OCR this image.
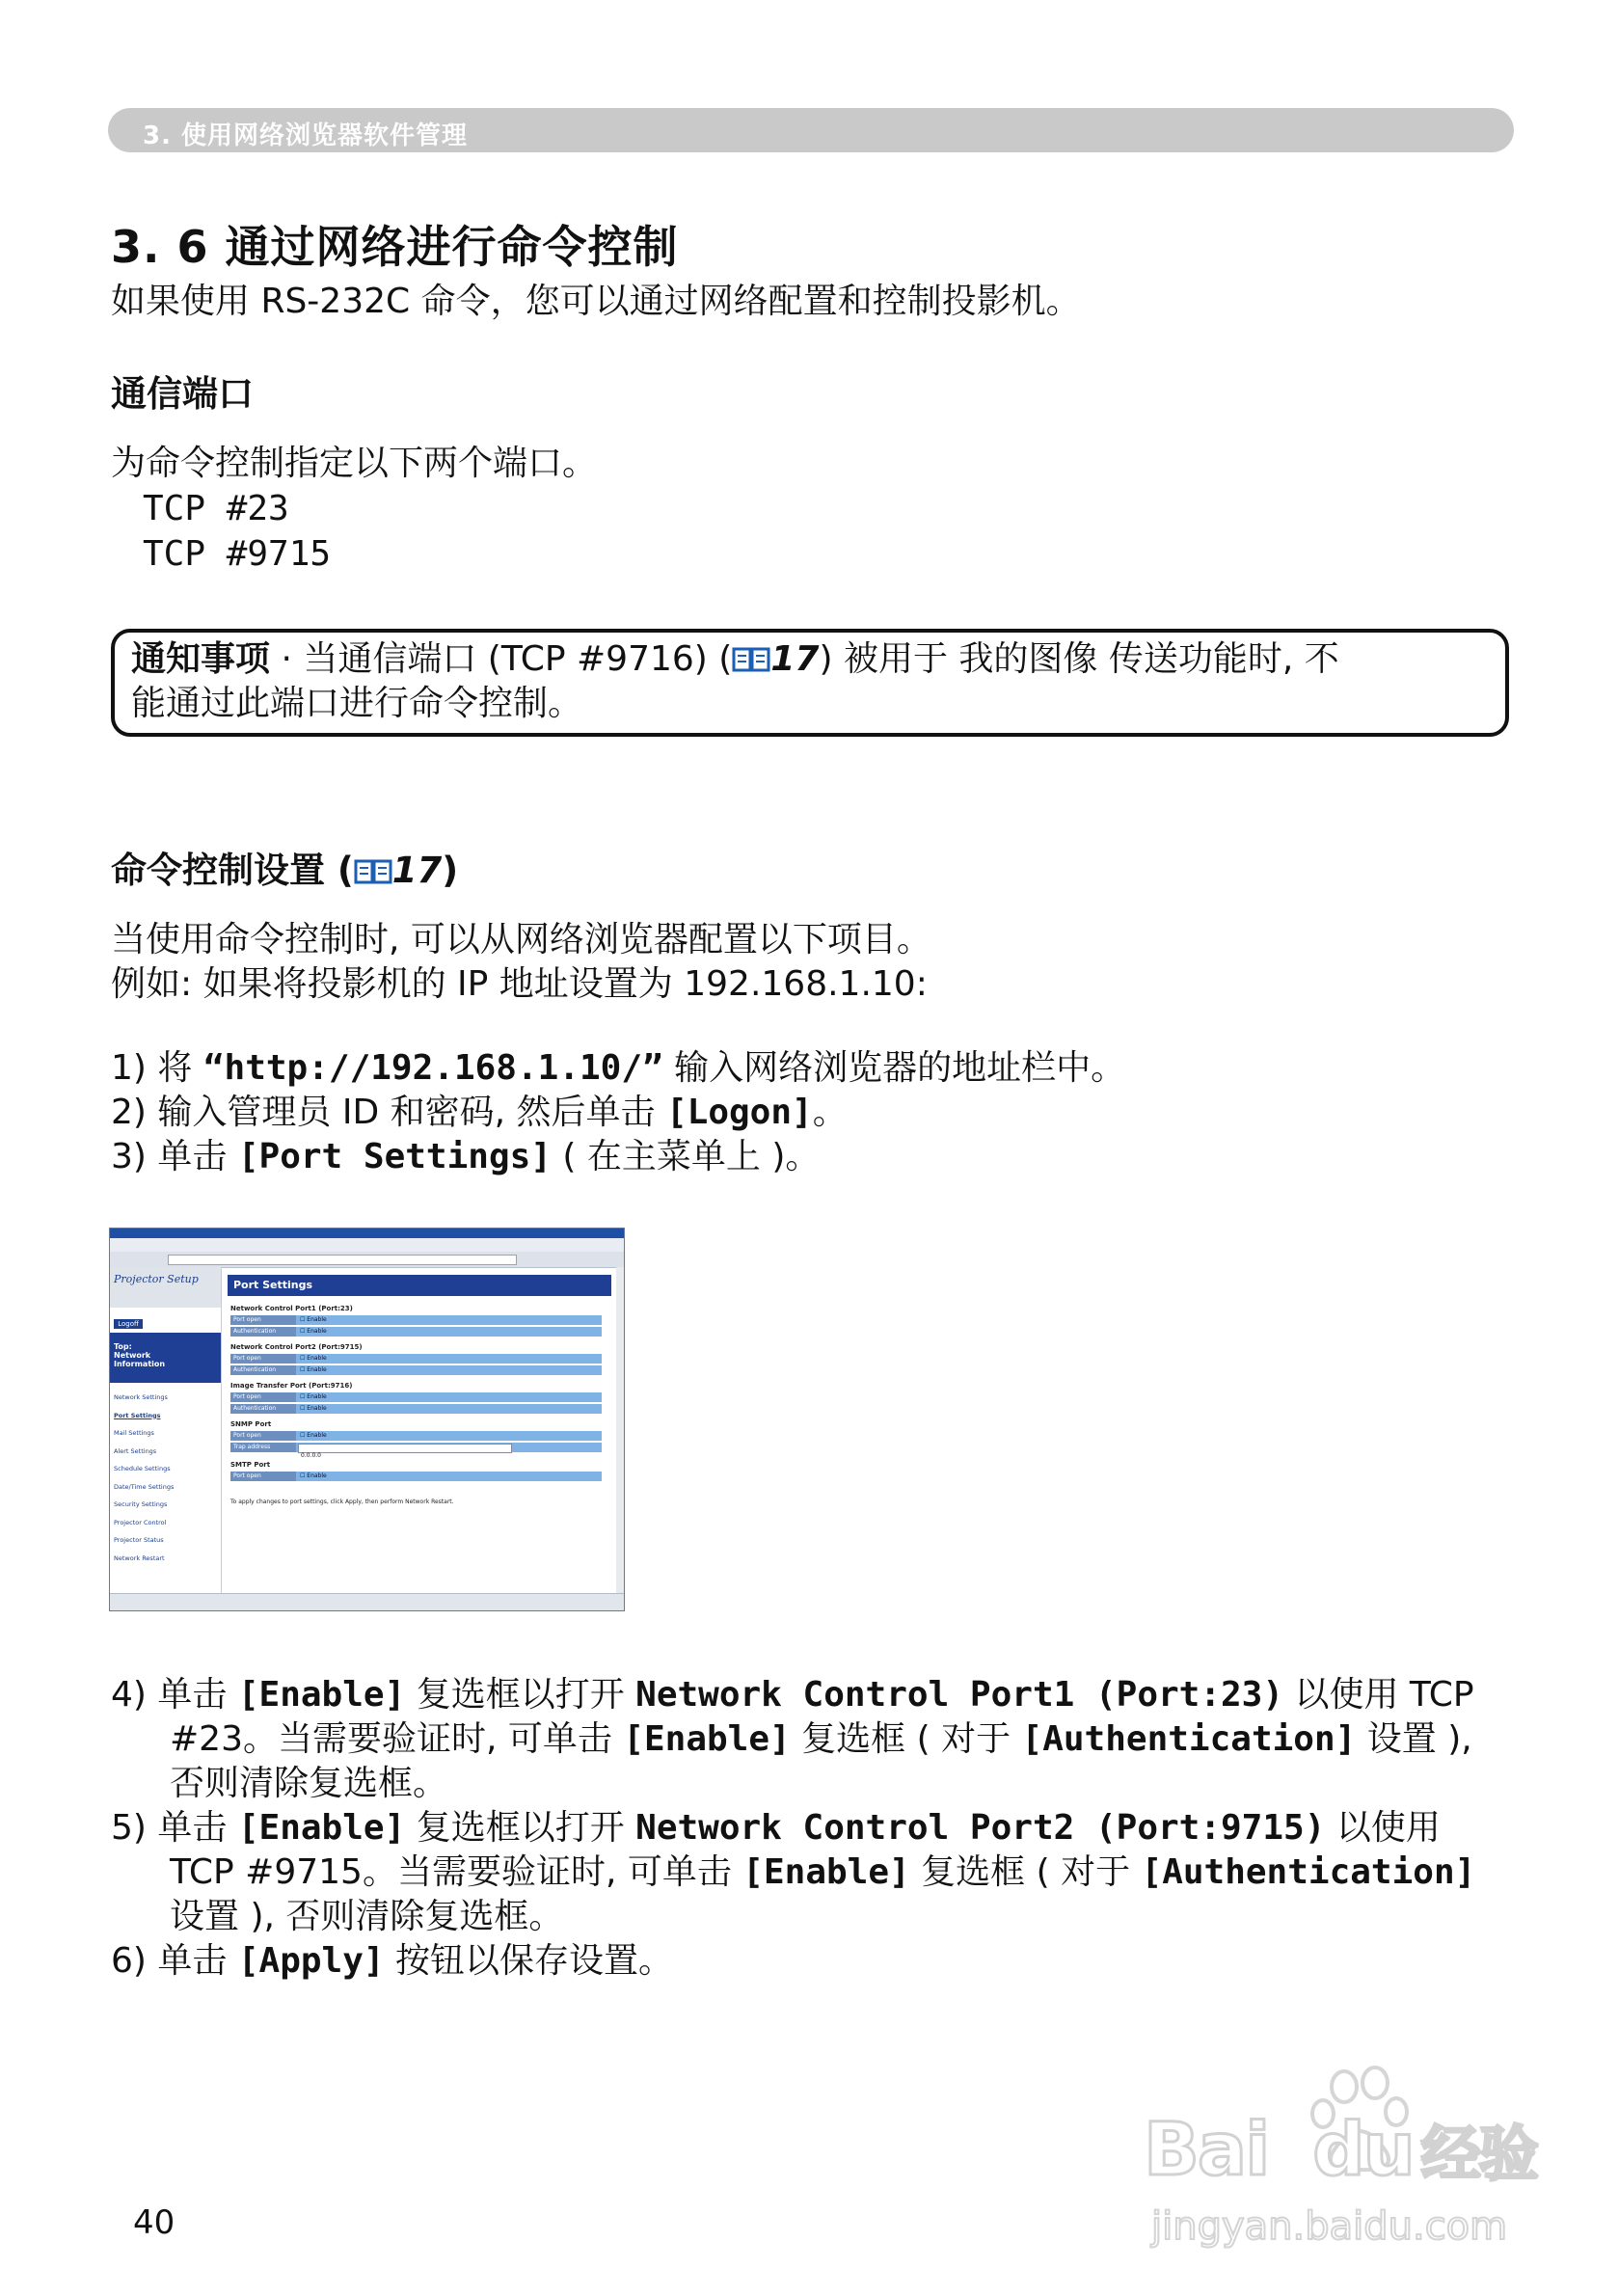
3. 使用网络浏览器软件管理
3. 6 通过网络进行命令控制
如果使用 RS-232C 命令，您可以通过网络配置和控制投影机。
通信端口
为命令控制指定以下两个端口。
TCP #23
TCP #9715
通知事项 · 当通信端口 (TCP #9716) ( 17) 被用于 我的图像 传送功能时, 不
能通过此端口进行命令控制。
命令控制设置 ( 17)
当使用命令控制时, 可以从网络浏览器配置以下项目。
例如: 如果将投影机的 IP 地址设置为 192.168.1.10:
1) 将 “http://192.168.1.10/” 输入网络浏览器的地址栏中。
2) 输入管理员 ID 和密码, 然后单击 [Logon]。
3) 单击 [Port Settings] ( 在主菜单上 )。
Projector Setup
Logoff
Top:
Network
Information
Network Settings
Port Settings
Mail Settings
Alert Settings
Schedule Settings
Date/Time Settings
Security Settings
Projector Control
Projector Status
Network Restart
Port Settings
Network Control Port1 (Port:23)
Port open	☐ Enable
Authentication	☐ Enable
Network Control Port2 (Port:9715)
Port open	☐ Enable
Authentication	☐ Enable
Image Transfer Port (Port:9716)
Port open	☐ Enable
Authentication	☐ Enable
SNMP Port
Port open	☐ Enable
Trap address
0.0.0.0
SMTP Port
Port open	☐ Enable
To apply changes to port settings, click Apply, then perform Network Restart.
4) 单击 [Enable] 复选框以打开 Network Control Port1 (Port:23) 以使用 TCP
#23。当需要验证时, 可单击 [Enable] 复选框 ( 对于 [Authentication] 设置 ),
否则清除复选框。
5) 单击 [Enable] 复选框以打开 Network Control Port2 (Port:9715) 以使用
TCP #9715。当需要验证时, 可单击 [Enable] 复选框 ( 对于 [Authentication]
设置 ), 否则清除复选框。
6) 单击 [Apply] 按钮以保存设置。
Bai du 经验
jingyan.baidu.com
40
